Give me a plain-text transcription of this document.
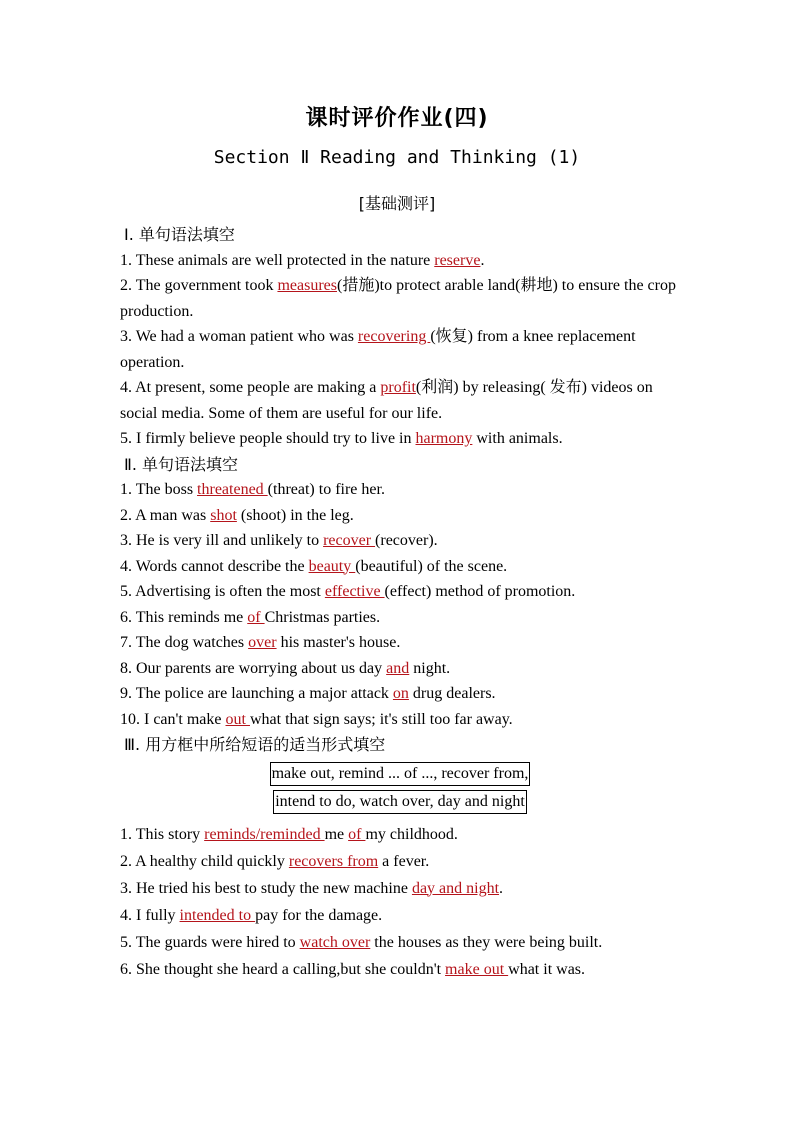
课时评价作业(四)
Section Ⅱ Reading and Thinking (1)
[基础测评]
Ⅰ. 单句语法填空
1. These animals are well protected in the nature reserve.
2. The government took measures(措施)to protect arable land(耕地) to ensure the crop production.
3. We had a woman patient who was recovering (恢复) from a knee replacement operation.
4. At present, some people are making a profit(利润) by releasing( 发布) videos on social media. Some of them are useful for our life.
5. I firmly believe people should try to live in harmony with animals.
Ⅱ. 单句语法填空
1. The boss threatened (threat) to fire her.
2. A man was shot (shoot) in the leg.
3. He is very ill and unlikely to recover (recover).
4. Words cannot describe the beauty (beautiful) of the scene.
5. Advertising is often the most effective (effect) method of promotion.
6. This reminds me of Christmas parties.
7. The dog watches over his master's house.
8. Our parents are worrying about us day and night.
9. The police are launching a major attack on drug dealers.
10. I can't make out what that sign says; it's still too far away.
Ⅲ. 用方框中所给短语的适当形式填空
make out, remind ... of ..., recover from,
intend to do, watch over, day and night
1. This story reminds/reminded me of my childhood.
2. A healthy child quickly recovers from a fever.
3. He tried his best to study the new machine day and night.
4. I fully intended to pay for the damage.
5. The guards were hired to watch over the houses as they were being built.
6. She thought she heard a calling,but she couldn't make out what it was.
